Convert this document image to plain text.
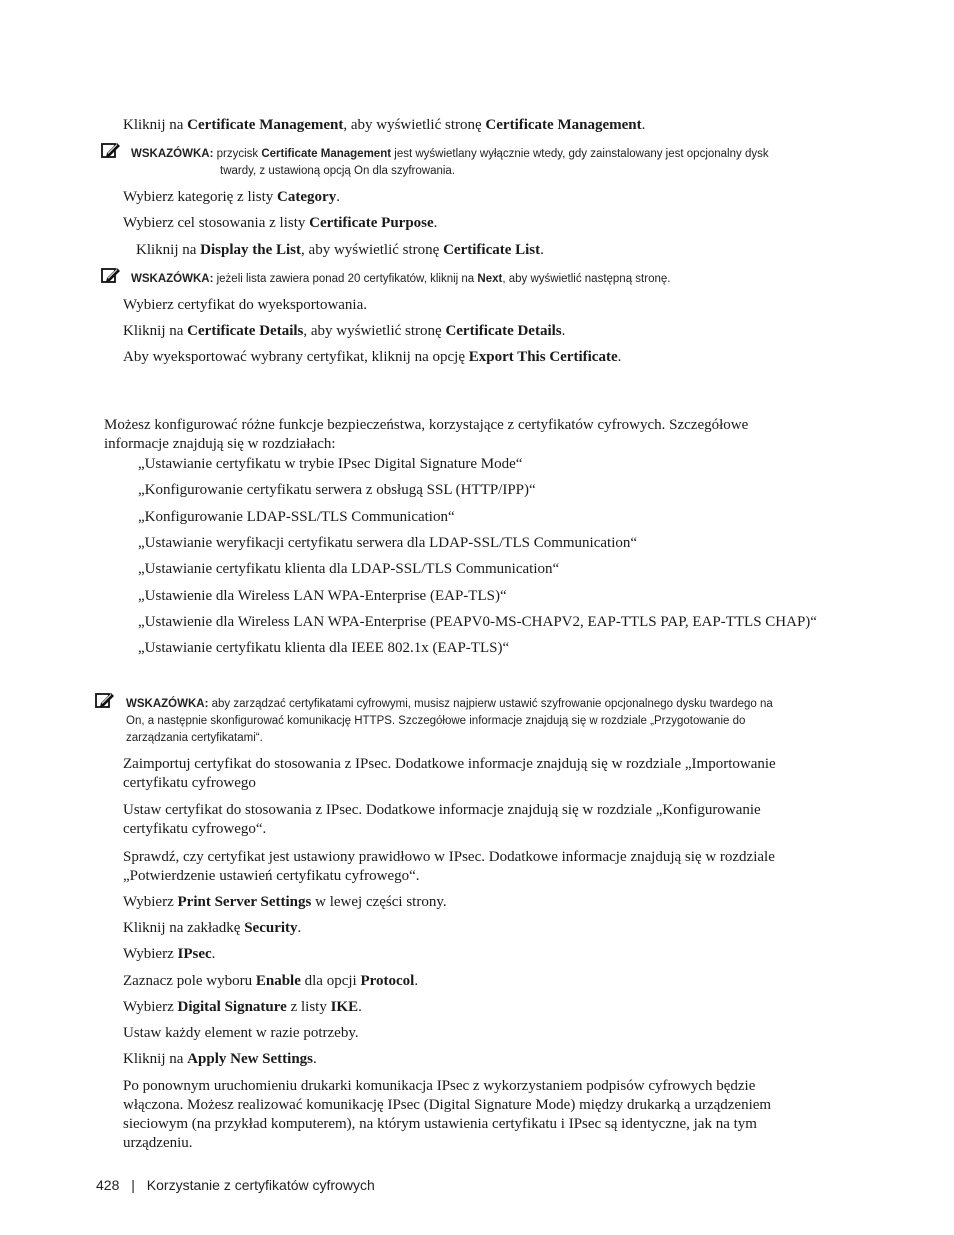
Kliknij na Certificate Management, aby wyświetlić stronę Certificate Management.
WSKAZÓWKA: przycisk Certificate Management jest wyświetlany wyłącznie wtedy, gdy zainstalowany jest opcjonalny dysk
twardy, z ustawioną opcją On dla szyfrowania.
Wybierz kategorię z listy Category.
Wybierz cel stosowania z listy Certificate Purpose.
Kliknij na Display the List, aby wyświetlić stronę Certificate List.
WSKAZÓWKA: jeżeli lista zawiera ponad 20 certyfikatów, kliknij na Next, aby wyświetlić następną stronę.
Wybierz certyfikat do wyeksportowania.
Kliknij na Certificate Details, aby wyświetlić stronę Certificate Details.
Aby wyeksportować wybrany certyfikat, kliknij na opcję Export This Certificate.
Możesz konfigurować różne funkcje bezpieczeństwa, korzystające z certyfikatów cyfrowych. Szczegółowe
informacje znajdują się w rozdziałach:
„Ustawianie certyfikatu w trybie IPsec Digital Signature Mode“
„Konfigurowanie certyfikatu serwera z obsługą SSL (HTTP/IPP)“
„Konfigurowanie LDAP-SSL/TLS Communication“
„Ustawianie weryfikacji certyfikatu serwera dla LDAP-SSL/TLS Communication“
„Ustawianie certyfikatu klienta dla LDAP-SSL/TLS Communication“
„Ustawienie dla Wireless LAN WPA-Enterprise (EAP-TLS)“
„Ustawienie dla Wireless LAN WPA-Enterprise (PEAPV0-MS-CHAPV2, EAP-TTLS PAP, EAP-TTLS CHAP)“
„Ustawianie certyfikatu klienta dla IEEE 802.1x (EAP-TLS)“
WSKAZÓWKA: aby zarządzać certyfikatami cyfrowymi, musisz najpierw ustawić szyfrowanie opcjonalnego dysku twardego na
On, a następnie skonfigurować komunikację HTTPS. Szczegółowe informacje znajdują się w rozdziale „Przygotowanie do
zarządzania certyfikatami“.
Zaimportuj certyfikat do stosowania z IPsec. Dodatkowe informacje znajdują się w rozdziale „Importowanie
certyfikatu cyfrowego
Ustaw certyfikat do stosowania z IPsec. Dodatkowe informacje znajdują się w rozdziale „Konfigurowanie
certyfikatu cyfrowego“.
Sprawdź, czy certyfikat jest ustawiony prawidłowo w IPsec. Dodatkowe informacje znajdują się w rozdziale
„Potwierdzenie ustawień certyfikatu cyfrowego“.
Wybierz Print Server Settings w lewej części strony.
Kliknij na zakładkę Security.
Wybierz IPsec.
Zaznacz pole wyboru Enable dla opcji Protocol.
Wybierz Digital Signature z listy IKE.
Ustaw każdy element w razie potrzeby.
Kliknij na Apply New Settings.
Po ponownym uruchomieniu drukarki komunikacja IPsec z wykorzystaniem podpisów cyfrowych będzie
włączona. Możesz realizować komunikację IPsec (Digital Signature Mode) między drukarką a urządzeniem
sieciowym (na przykład komputerem), na którym ustawienia certyfikatu i IPsec są identyczne, jak na tym
urządzeniu.
428 | Korzystanie z certyfikatów cyfrowych
